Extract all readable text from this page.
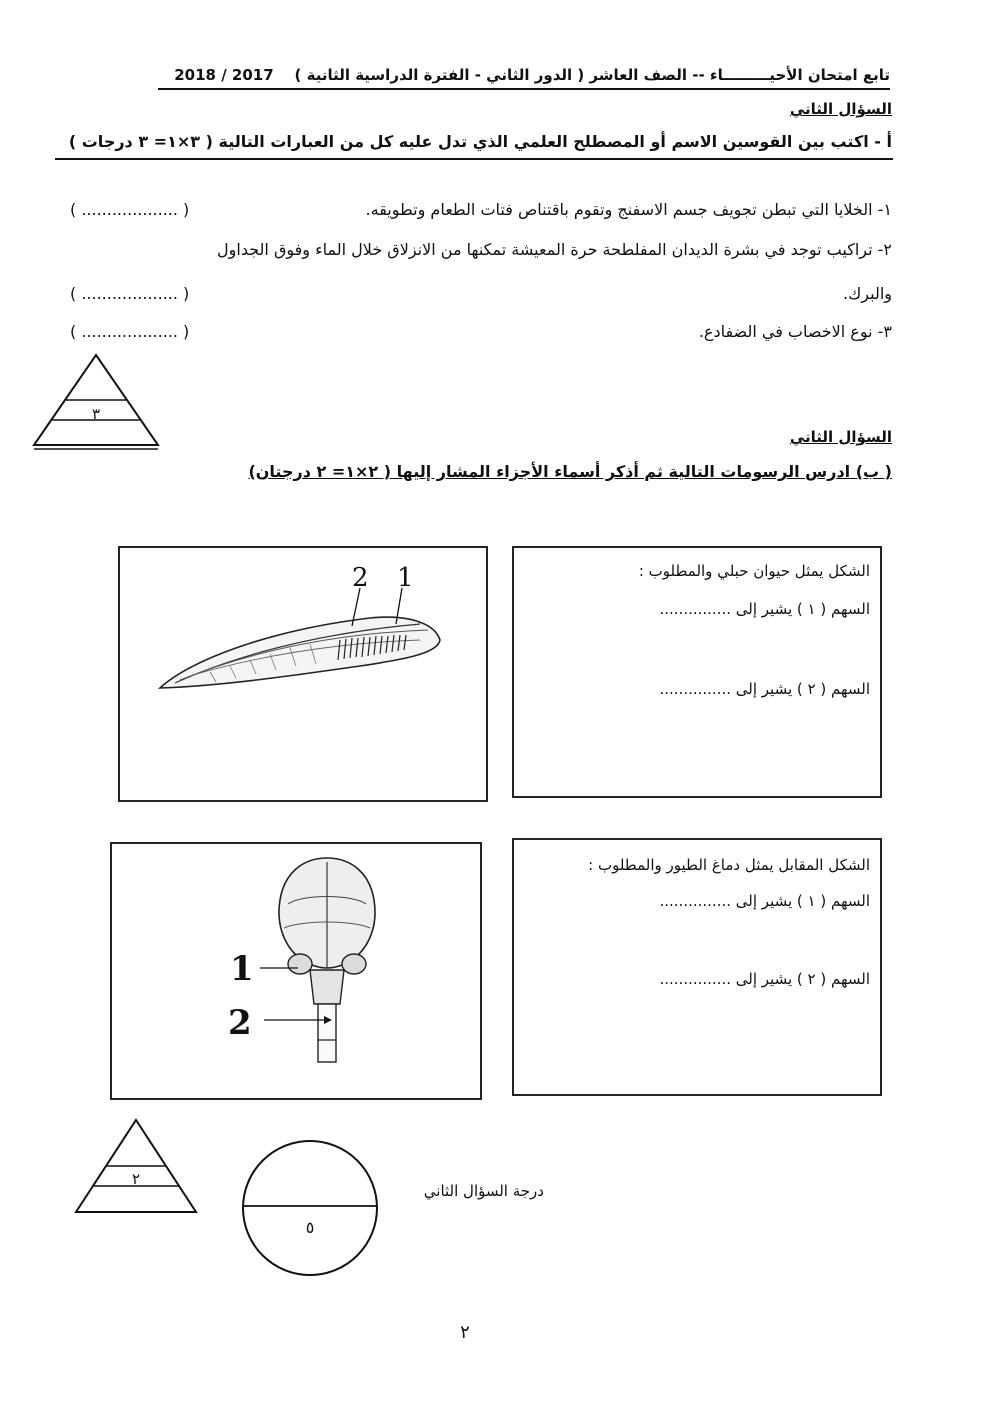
تابع امتحان الأحيـــــــــاء -- الصف العاشر ( الدور الثاني - الفترة الدراسية الثانية )    2018 / 2017
السؤال الثاني
أ - اكتب بين القوسين الاسم أو المصطلح العلمي الذي تدل عليه كل من العبارات التالية ( ٣×١= ٣ درجات )
١- الخلايا التي تبطن تجويف جسم الاسفنج وتقوم باقتناص فتات الطعام وتطويقه.
( ................... )
٢- تراكيب توجد في بشرة الديدان المفلطحة حرة المعيشة تمكنها من الانزلاق خلال الماء وفوق الجداول
والبرك.
( ................... )
٣- نوع الاخصاب في الضفادع.
( ................... )
٣
السؤال الثاني
( ب) ادرس الرسومات التالية ثم أذكر أسماء الأجزاء المشار إليها ( ٢×١= ٢ درجتان)
2 1	الشكل يمثل حيوان حبلي والمطلوب :
السهم ( ١ ) يشير إلى ...............
السهم ( ٢ ) يشير إلى ...............
1
2
الشكل المقابل يمثل دماغ الطيور والمطلوب :
السهم ( ١ ) يشير إلى ...............
السهم ( ٢ ) يشير إلى ...............
٢
٥
درجة السؤال الثاني
٢
